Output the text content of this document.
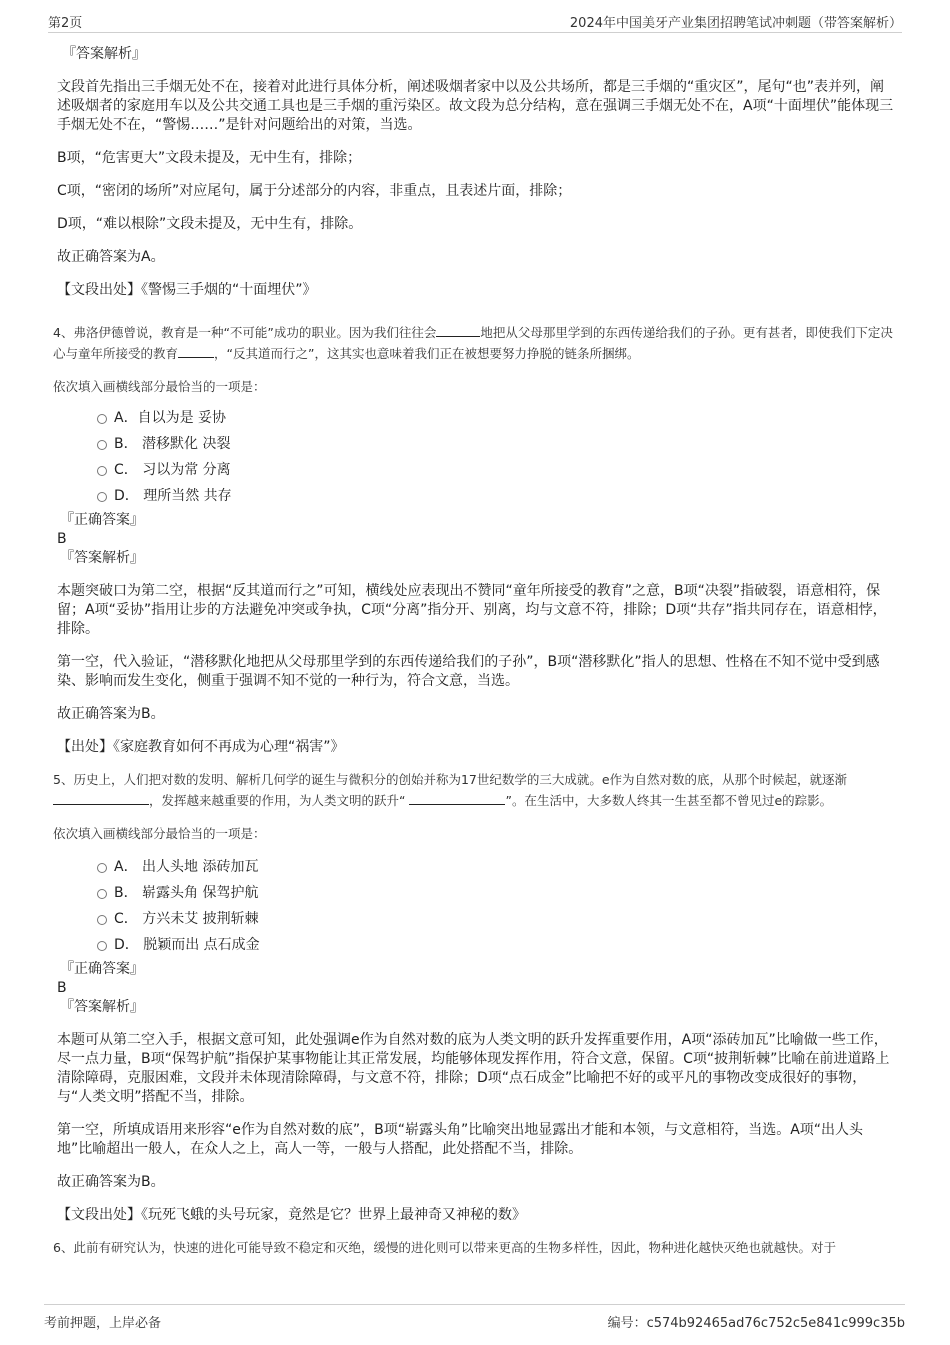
第2页	2024年中国美牙产业集团招聘笔试冲刺题（带答案解析）
『答案解析』

文段首先指出三手烟无处不在，接着对此进行具体分析，阐述吸烟者家中以及公共场所，都是三手烟的“重灾区”，尾句“也”表并列，阐述吸烟者的家庭用车以及公共交通工具也是三手烟的重污染区。故文段为总分结构，意在强调三手烟无处不在，A项“十面埋伏”能体现三手烟无处不在，“警惕……”是针对问题给出的对策，当选。

B项，“危害更大”文段未提及，无中生有，排除；

C项，“密闭的场所”对应尾句，属于分述部分的内容，非重点，且表述片面，排除；

D项，“难以根除”文段未提及，无中生有，排除。

故正确答案为A。

【文段出处】《警惕三手烟的“十面埋伏”》

4、弗洛伊德曾说，教育是一种“不可能”成功的职业。因为我们往往会	地把从父母那里学到的东西传递给我们的子孙。更有甚者，即使我们下定决心与童年所接受的教育	，“反其道而行之”，这其实也意味着我们正在被想要努力挣脱的链条所捆绑。

依次填入画横线部分最恰当的一项是：

A．自以为是 妥协
B． 潜移默化 决裂
C． 习以为常 分离
D． 理所当然 共存
『正确答案』
B
『答案解析』

本题突破口为第二空，根据“反其道而行之”可知，横线处应表现出不赞同“童年所接受的教育”之意，B项“决裂”指破裂，语意相符，保留；A项“妥协”指用让步的方法避免冲突或争执，C项“分离”指分开、别离，均与文意不符，排除；D项“共存”指共同存在，语意相悖，排除。

第一空，代入验证，“潜移默化地把从父母那里学到的东西传递给我们的子孙”，B项“潜移默化”指人的思想、性格在不知不觉中受到感染、影响而发生变化，侧重于强调不知不觉的一种行为，符合文意，当选。

故正确答案为B。

【出处】《家庭教育如何不再成为心理“祸害”》

5、历史上，人们把对数的发明、解析几何学的诞生与微积分的创始并称为17世纪数学的三大成就。e作为自然对数的底，从那个时候起，就逐渐 ，发挥越来越重要的作用，为人类文明的跃升“	”。在生活中，大多数人终其一生甚至都不曾见过e的踪影。

依次填入画横线部分最恰当的一项是：

A． 出人头地 添砖加瓦
B． 崭露头角 保驾护航
C． 方兴未艾 披荆斩棘
D． 脱颖而出 点石成金
『正确答案』
B
『答案解析』

本题可从第二空入手，根据文意可知，此处强调e作为自然对数的底为人类文明的跃升发挥重要作用，A项“添砖加瓦”比喻做一些工作，尽一点力量，B项“保驾护航”指保护某事物能让其正常发展，均能够体现发挥作用，符合文意，保留。C项“披荆斩棘”比喻在前进道路上清除障碍，克服困难，文段并未体现清除障碍，与文意不符，排除；D项“点石成金”比喻把不好的或平凡的事物改变成很好的事物，与“人类文明”搭配不当，排除。

第一空，所填成语用来形容“e作为自然对数的底”，B项“崭露头角”比喻突出地显露出才能和本领，与文意相符，当选。A项“出人头地”比喻超出一般人，在众人之上，高人一等，一般与人搭配，此处搭配不当，排除。

故正确答案为B。

【文段出处】《玩死飞蛾的头号玩家，竟然是它？世界上最神奇又神秘的数》

6、此前有研究认为，快速的进化可能导致不稳定和灭绝，缓慢的进化则可以带来更高的生物多样性，因此，物种进化越快灭绝也就越快。对于

考前押题，上岸必备	编号：c574b92465ad76c752c5e841c999c35b
